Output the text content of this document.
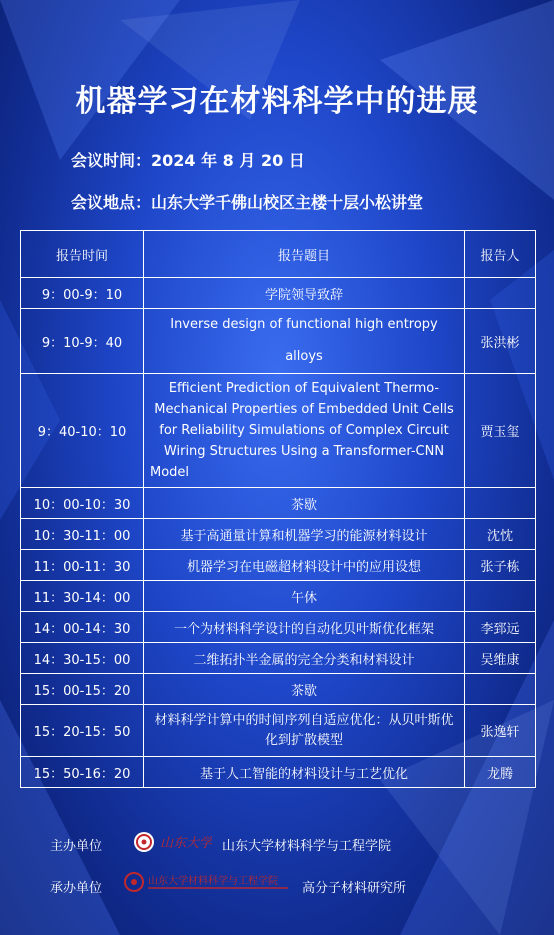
机器学习在材料科学中的进展
会议时间：2024 年 8 月 20 日
会议地点：山东大学千佛山校区主楼十层小松讲堂
报告时间	报告题目	报告人
9：00-9：10	学院领导致辞	
9：10-9：40	Inverse design of functional high entropy alloys	张洪彬
9：40-10：10	Efficient Prediction of Equivalent Thermo-Mechanical Properties of Embedded Unit Cells for Reliability Simulations of Complex Circuit Wiring Structures Using a Transformer-CNN Model	贾玉玺
10：00-10：30	茶歇	
10：30-11：00	基于高通量计算和机器学习的能源材料设计	沈忱
11：00-11：30	机器学习在电磁超材料设计中的应用设想	张子栋
11：30-14：00	午休	
14：00-14：30	一个为材料科学设计的自动化贝叶斯优化框架	李郅远
14：30-15：00	二维拓扑半金属的完全分类和材料设计	吴维康
15：00-15：20	茶歇	
15：20-15：50	材料科学计算中的时间序列自适应优化：从贝叶斯优化到扩散模型	张逸轩
15：50-16：20	基于人工智能的材料设计与工艺优化	龙腾
主办单位	山东大学 山东大学材料科学与工程学院
承办单位	山东大学材料科学与工程学院 高分子材料研究所
